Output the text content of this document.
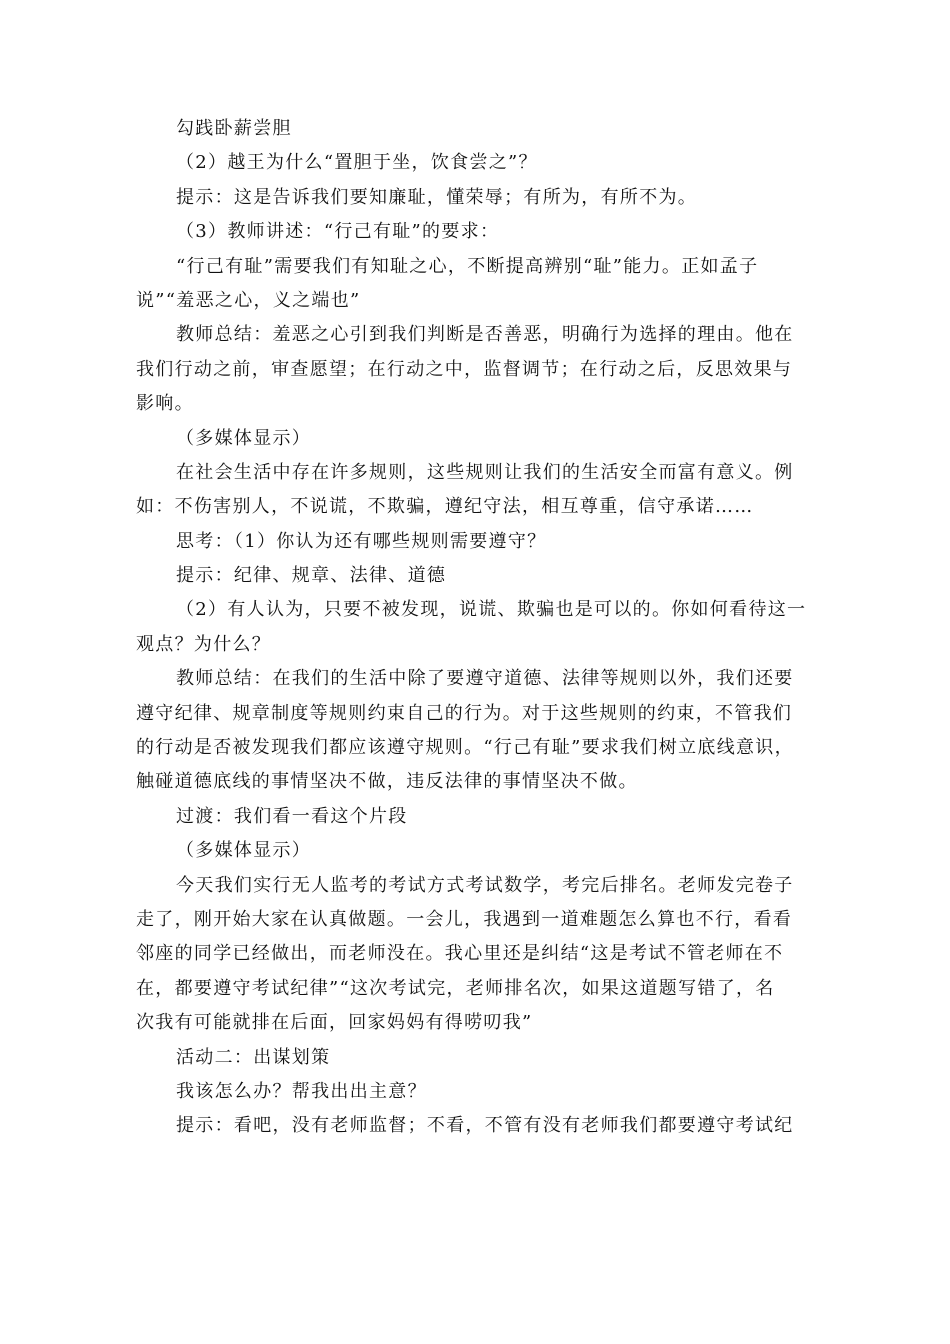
勾践卧薪尝胆
（2）越王为什么“置胆于坐，饮食尝之”？
提示：这是告诉我们要知廉耻，懂荣辱；有所为，有所不为。
（3）教师讲述：“行己有耻”的要求：
“行己有耻”需要我们有知耻之心，不断提高辨别“耻”能力。正如孟子
说”“羞恶之心，义之端也”
教师总结：羞恶之心引到我们判断是否善恶，明确行为选择的理由。他在
我们行动之前，审查愿望；在行动之中，监督调节；在行动之后，反思效果与
影响。
（多媒体显示）
在社会生活中存在许多规则，这些规则让我们的生活安全而富有意义。例
如：不伤害别人，不说谎，不欺骗，遵纪守法，相互尊重，信守承诺……
思考：（1）你认为还有哪些规则需要遵守？
提示：纪律、规章、法律、道德
（2）有人认为，只要不被发现，说谎、欺骗也是可以的。你如何看待这一
观点？为什么？
教师总结：在我们的生活中除了要遵守道德、法律等规则以外，我们还要
遵守纪律、规章制度等规则约束自己的行为。对于这些规则的约束，不管我们
的行动是否被发现我们都应该遵守规则。“行己有耻”要求我们树立底线意识，
触碰道德底线的事情坚决不做，违反法律的事情坚决不做。
过渡：我们看一看这个片段
（多媒体显示）
今天我们实行无人监考的考试方式考试数学，考完后排名。老师发完卷子
走了，刚开始大家在认真做题。一会儿，我遇到一道难题怎么算也不行，看看
邻座的同学已经做出，而老师没在。我心里还是纠结“这是考试不管老师在不
在，都要遵守考试纪律”“这次考试完，老师排名次，如果这道题写错了，名
次我有可能就排在后面，回家妈妈有得唠叨我”
活动二：出谋划策
我该怎么办？帮我出出主意？
提示：看吧，没有老师监督；不看，不管有没有老师我们都要遵守考试纪
